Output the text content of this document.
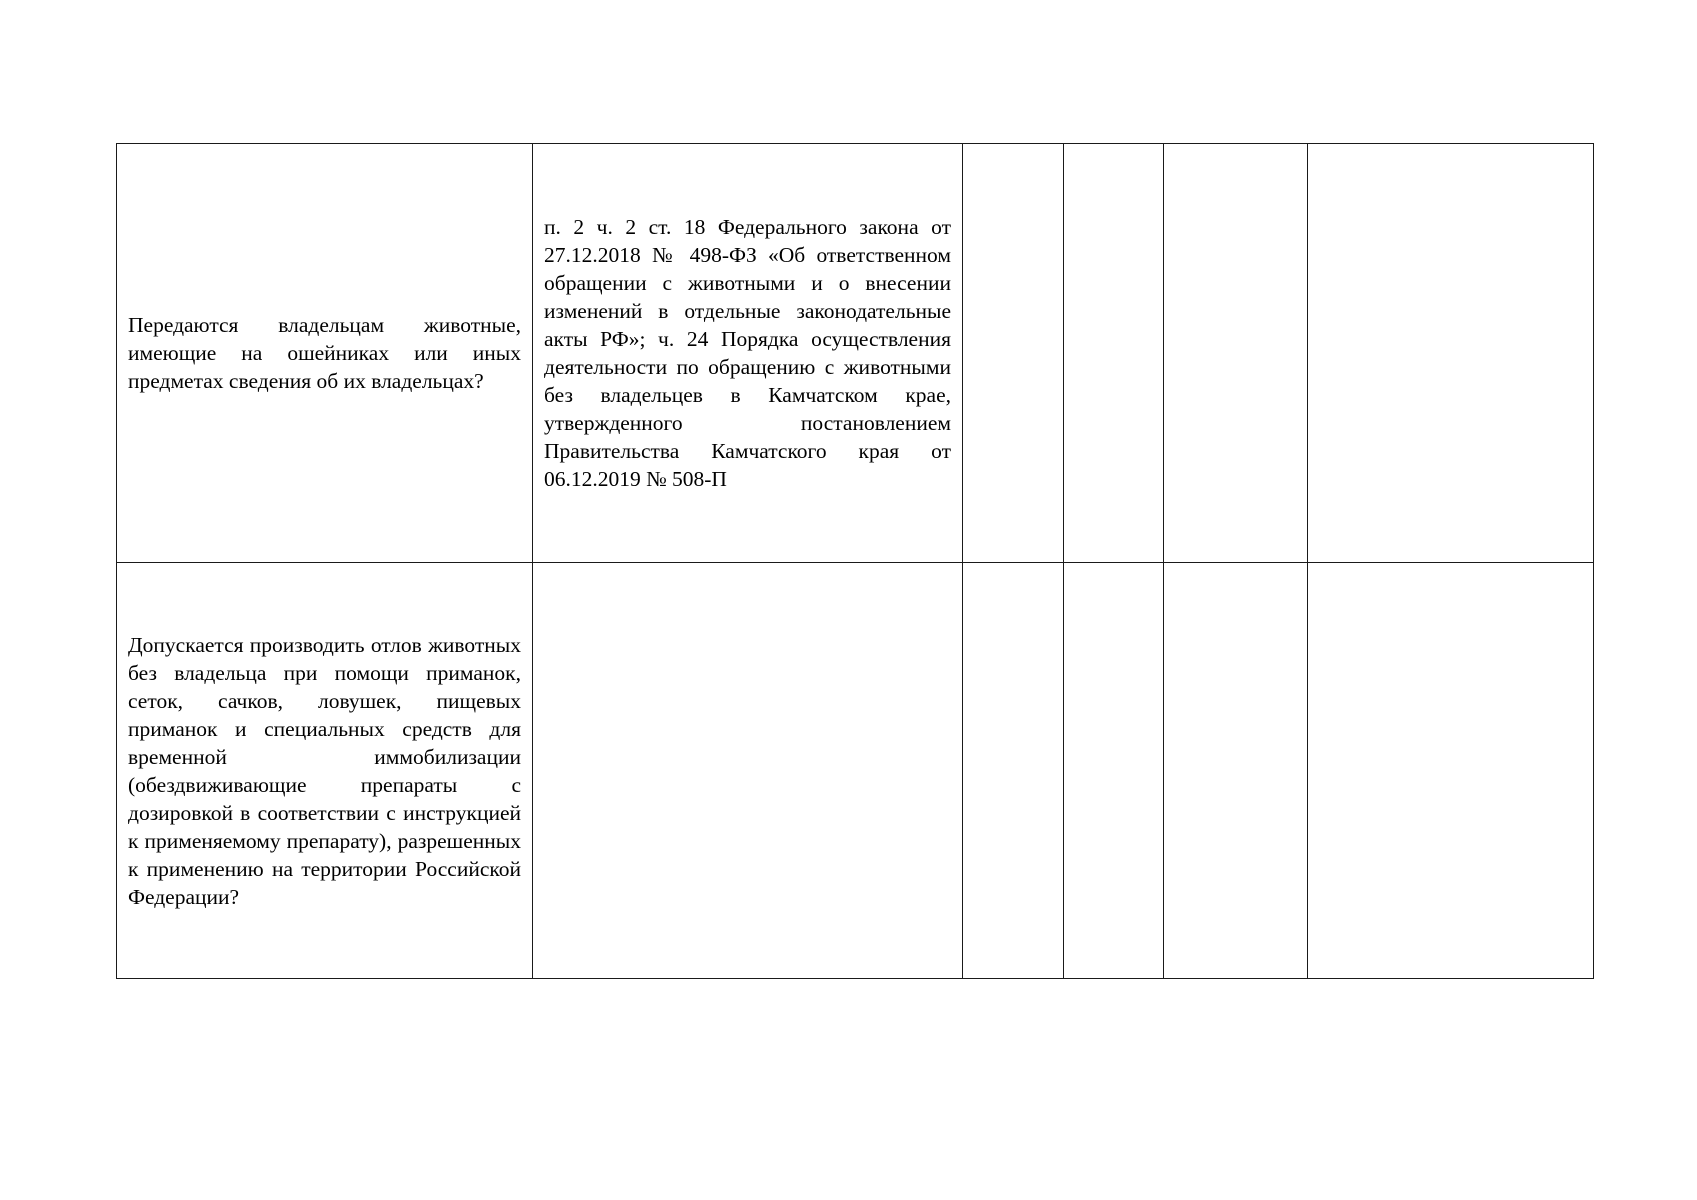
Передаются владельцам животные, имеющие на ошейниках или иных предметах сведения об их владельцах?	п. 2 ч. 2 ст. 18 Федерального закона от 27.12.2018 № 498-ФЗ «Об ответственном обращении с животными и о внесении изменений в отдельные законодательные акты РФ»; ч. 24 Порядка осуществления деятельности по обращению с животными без владельцев в Камчатском крае, утвержденного постановлением Правительства Камчатского края от 06.12.2019 № 508-П				

Допускается производить отлов животных без владельца при помощи приманок, сеток, сачков, ловушек, пищевых приманок и специальных средств для временной иммобилизации (обездвиживающие препараты с дозировкой в соответствии с инструкцией к применяемому препарату), разрешенных к применению на территории Российской Федерации?					
